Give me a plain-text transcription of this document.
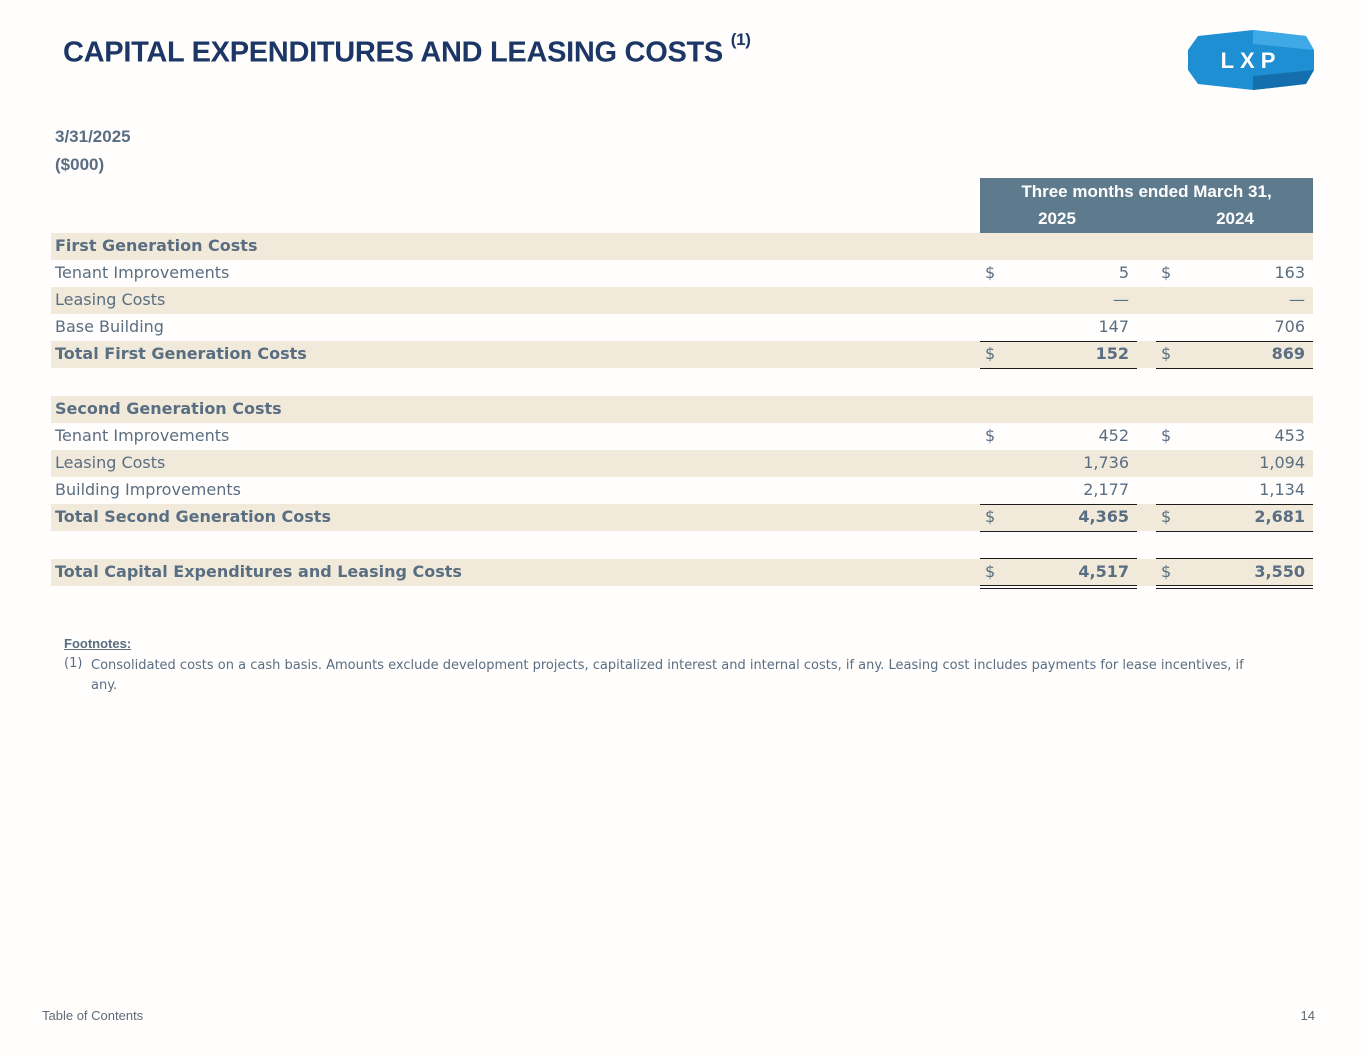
CAPITAL EXPENDITURES AND LEASING COSTS $^{(1)}$
LXP
3/31/2025
($000)
Three months ended March 31,
2025	2024
First Generation Costs
Tenant Improvements	$	5 $	163
Leasing Costs	—	—
Base Building	147	706
Total First Generation Costs	$	152 $	869
Second Generation Costs
Tenant Improvements	$	452 $	453
Leasing Costs	1,736	1,094
Building Improvements	2,177	1,134
Total Second Generation Costs	$	4,365 $	2,681
Total Capital Expenditures and Leasing Costs	$	4,517 $	3,550
Footnotes:
(1) Consolidated costs on a cash basis. Amounts exclude development projects, capitalized interest and internal costs, if any. Leasing cost includes payments for lease incentives, if any.
Table of Contents	14
